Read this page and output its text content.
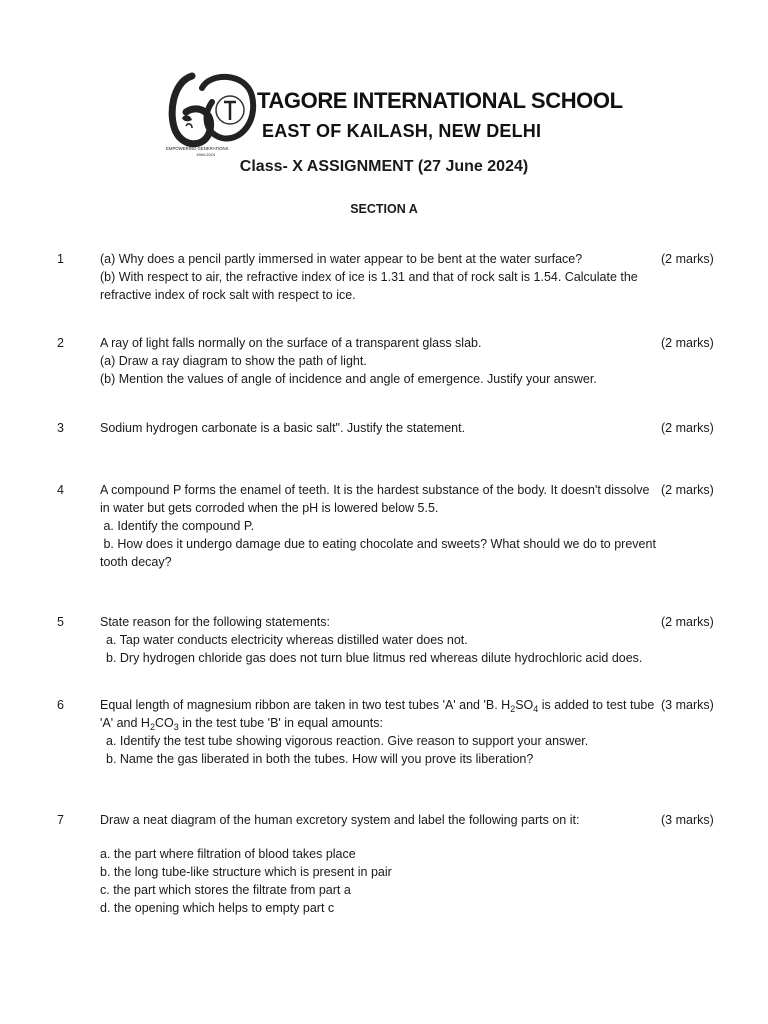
EMPOWERING GENERATIONS
1984-2024
TAGORE INTERNATIONAL SCHOOL
EAST OF KAILASH, NEW DELHI
Class- X ASSIGNMENT (27 June 2024)
SECTION A
1	(a) Why does a pencil partly immersed in water appear to be bent at the water surface?
(b) With respect to air, the refractive index of ice is 1.31 and that of rock salt is 1.54. Calculate the
refractive index of rock salt with respect to ice.
(2 marks)
2	A ray of light falls normally on the surface of a transparent glass slab.
(a) Draw a ray diagram to show the path of light.
(b) Mention the values of angle of incidence and angle of emergence. Justify your answer.
(2 marks)
3	Sodium hydrogen carbonate is a basic salt". Justify the statement.	(2 marks)
4	A compound P forms the enamel of teeth. It is the hardest substance of the body. It doesn't dissolve
in water but gets corroded when the pH is lowered below 5.5.
a. Identify the compound P.
b. How does it undergo damage due to eating chocolate and sweets? What should we do to prevent
tooth decay?
(2 marks)
5	State reason for the following statements:
a. Tap water conducts electricity whereas distilled water does not.
b. Dry hydrogen chloride gas does not turn blue litmus red whereas dilute hydrochloric acid does.
(2 marks)
6	Equal length of magnesium ribbon are taken in two test tubes 'A' and 'B. $H_2SO_4$ is added to test tube
'A' and $H_2CO_3$ in the test tube 'B' in equal amounts:
a. Identify the test tube showing vigorous reaction. Give reason to support your answer.
b. Name the gas liberated in both the tubes. How will you prove its liberation?
(3 marks)
7	Draw a neat diagram of the human excretory system and label the following parts on it:
a. the part where filtration of blood takes place
b. the long tube-like structure which is present in pair
c. the part which stores the filtrate from part a
d. the opening which helps to empty part c
(3 marks)
